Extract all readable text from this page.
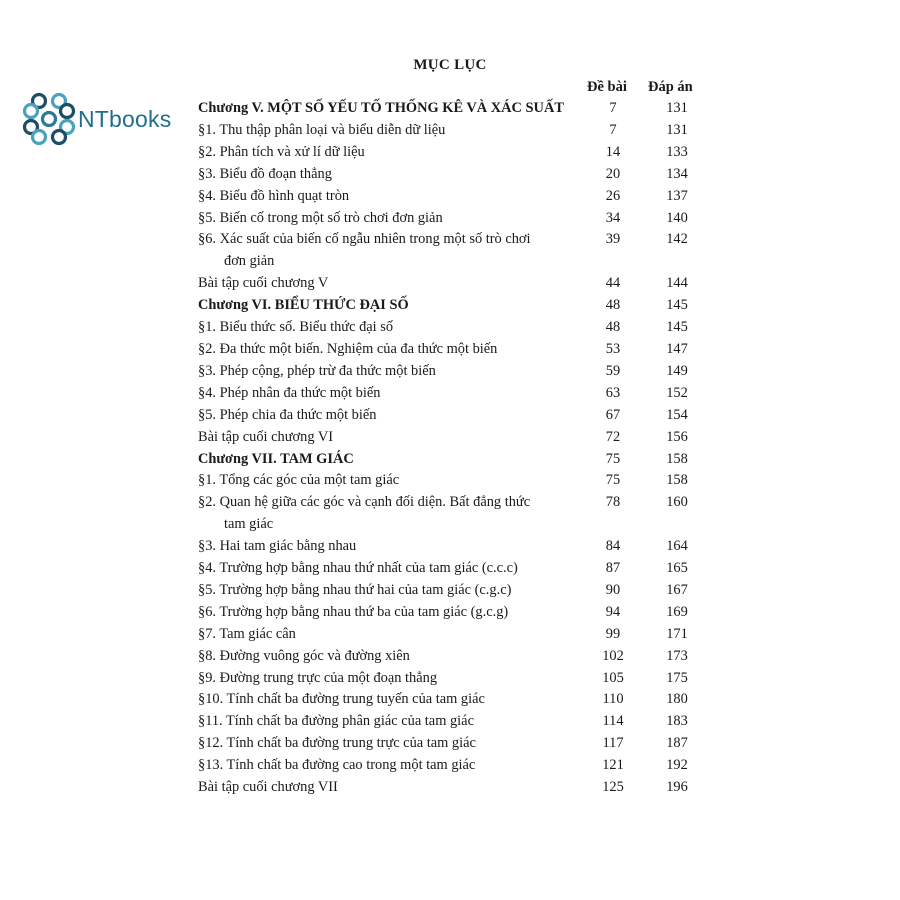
NTbooks
MỤC LỤC
Đề bài Đáp án
Chương V. MỘT SỐ YẾU TỐ THỐNG KÊ VÀ XÁC SUẤT	7	131
§1. Thu thập phân loại và biểu diễn dữ liệu	7	131
§2. Phân tích và xử lí dữ liệu	14	133
§3. Biểu đồ đoạn thẳng	20	134
§4. Biểu đồ hình quạt tròn	26	137
§5. Biến cố trong một số trò chơi đơn giản	34	140
§6. Xác suất của biến cố ngẫu nhiên trong một số trò chơi
đơn giản
39	142
Bài tập cuối chương V	44	144
Chương VI. BIỂU THỨC ĐẠI SỐ	48	145
§1. Biểu thức số. Biểu thức đại số	48	145
§2. Đa thức một biến. Nghiệm của đa thức một biến	53	147
§3. Phép cộng, phép trừ đa thức một biến	59	149
§4. Phép nhân đa thức một biến	63	152
§5. Phép chia đa thức một biến	67	154
Bài tập cuối chương VI	72	156
Chương VII. TAM GIÁC	75	158
§1. Tổng các góc của một tam giác	75	158
§2. Quan hệ giữa các góc và cạnh đối diện. Bất đẳng thức
tam giác
78	160
§3. Hai tam giác bằng nhau	84	164
§4. Trường hợp bằng nhau thứ nhất của tam giác (c.c.c)	87	165
§5. Trường hợp bằng nhau thứ hai của tam giác (c.g.c)	90	167
§6. Trường hợp bằng nhau thứ ba của tam giác (g.c.g)	94	169
§7. Tam giác cân	99	171
§8. Đường vuông góc và đường xiên	102	173
§9. Đường trung trực của một đoạn thẳng	105	175
§10. Tính chất ba đường trung tuyến của tam giác	110	180
§11. Tính chất ba đường phân giác của tam giác	114	183
§12. Tính chất ba đường trung trực của tam giác	117	187
§13. Tính chất ba đường cao trong một tam giác	121	192
Bài tập cuối chương VII	125	196
